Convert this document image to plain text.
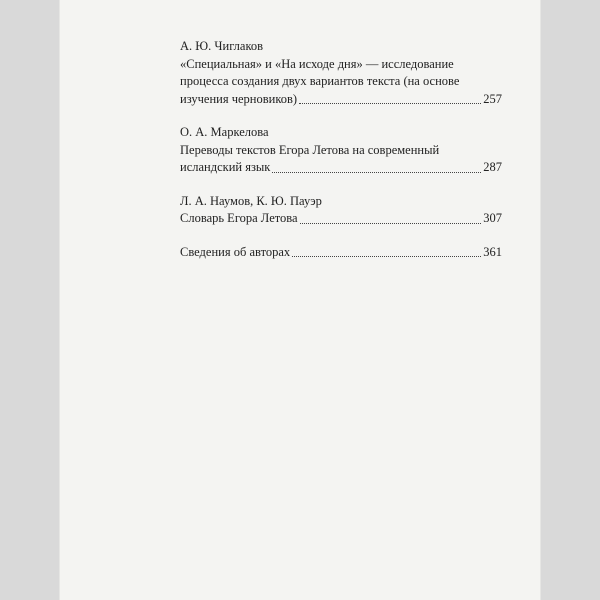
А. Ю. Чиглаков

«Специальная» и «На исходе дня» — исследование

процесса создания двух вариантов текста (на основе

изучения черновиков)	257

О. А. Маркелова

Переводы текстов Егора Летова на современный

исландский язык	287

Л. А. Наумов, К. Ю. Пауэр

Словарь Егора Летова	307
Сведения об авторах	361
